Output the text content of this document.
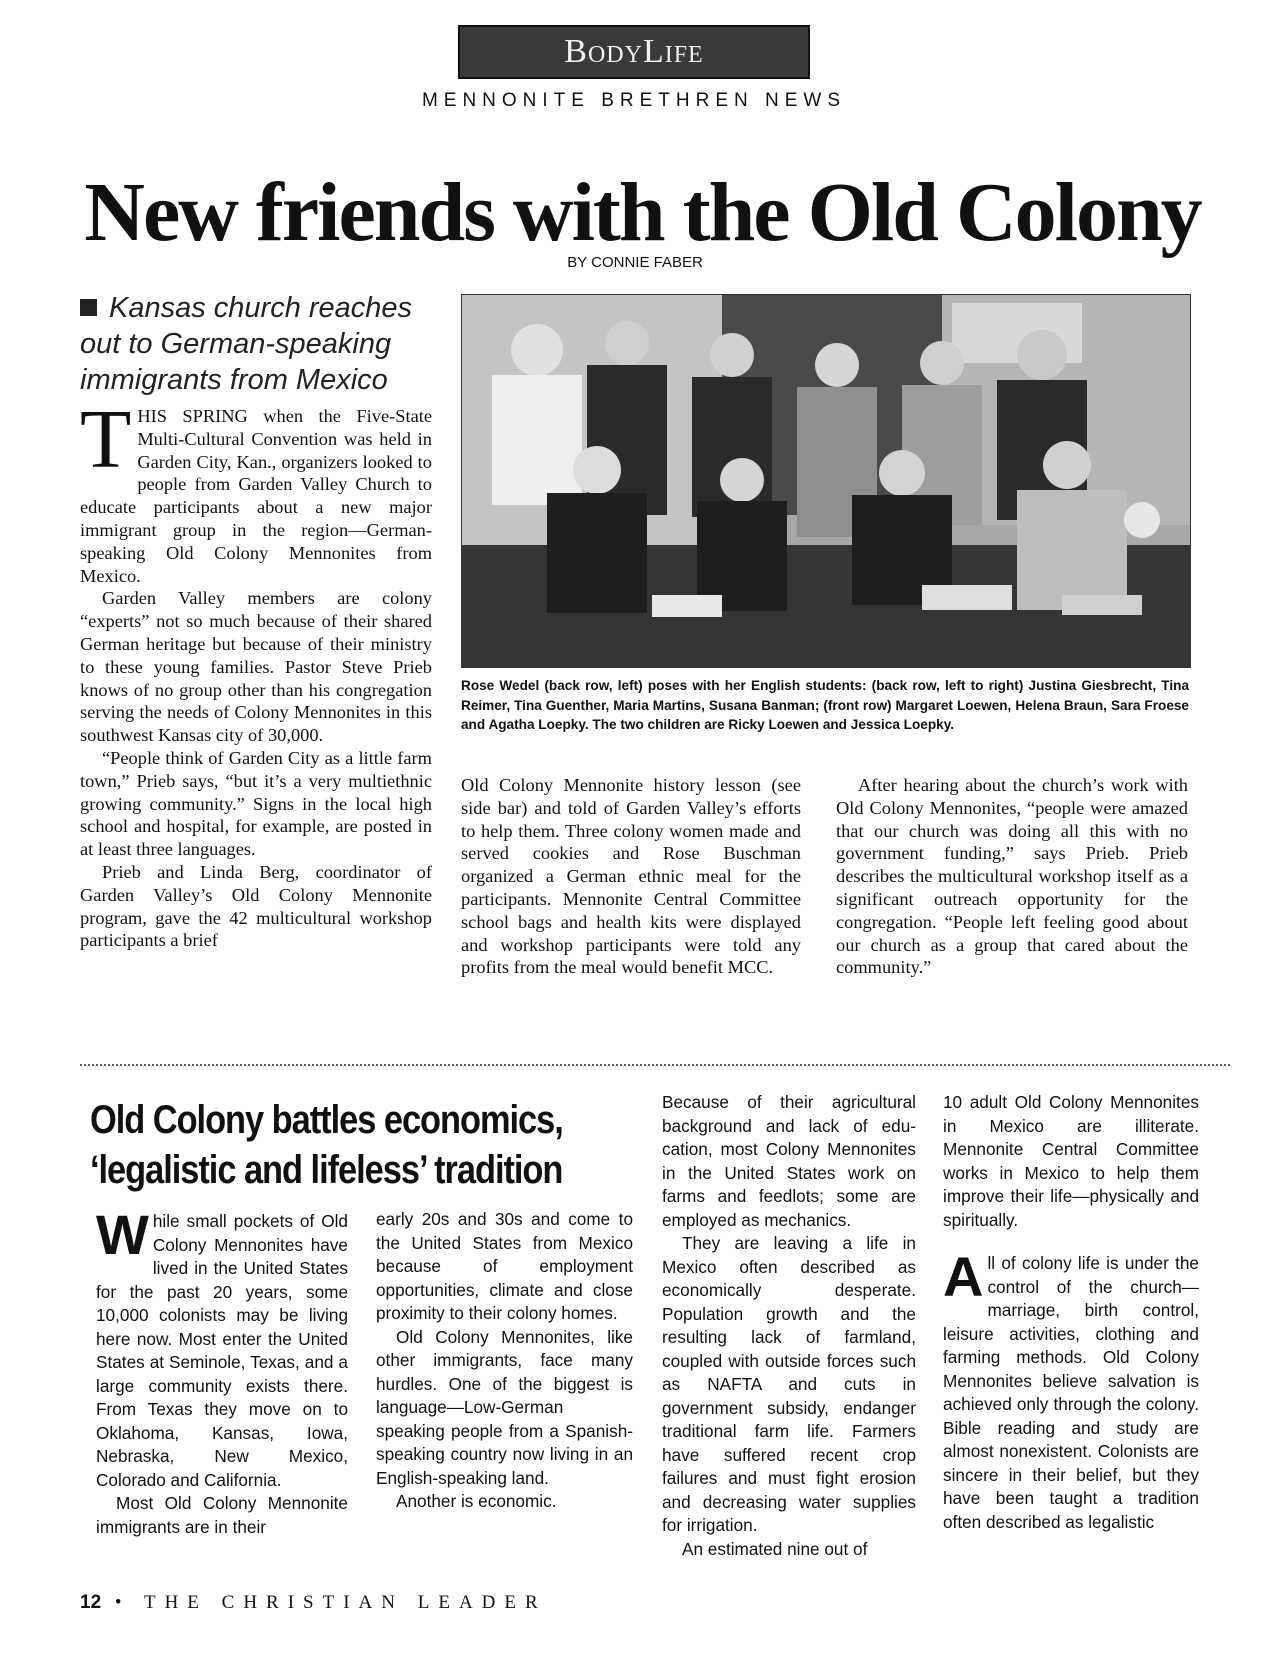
BodyLife
MENNONITE BRETHREN NEWS
New friends with the Old Colony
BY CONNIE FABER
Kansas church reaches out to German-speaking immigrants from Mexico

THIS SPRING when the Five-State Multi-Cultural Convention was held in Garden City, Kan., organizers looked to people from Garden Valley Church to educate participants about a new major immigrant group in the region—German-speaking Old Colony Mennonites from Mexico.

Garden Valley members are colony “experts” not so much because of their shared German heritage but because of their ministry to these young families. Pastor Steve Prieb knows of no group other than his congregation serving the needs of Colony Mennonites in this southwest Kansas city of 30,000.

“People think of Garden City as a little farm town,” Prieb says, “but it’s a very multiethnic growing community.” Signs in the local high school and hospital, for example, are posted in at least three languages.

Prieb and Linda Berg, coordinator of Garden Valley’s Old Colony Mennonite program, gave the 42 multicultural workshop participants a brief

Rose Wedel (back row, left) poses with her English students: (back row, left to right) Justina Giesbrecht, Tina Reimer, Tina Guenther, Maria Martins, Susana Banman; (front row) Margaret Loewen, Helena Braun, Sara Froese and Agatha Loepky. The two children are Ricky Loewen and Jessica Loepky.

Old Colony Mennonite history lesson (see side bar) and told of Garden Valley’s efforts to help them. Three colony women made and served cookies and Rose Buschman organized a German ethnic meal for the participants. Mennonite Central Committee school bags and health kits were displayed and workshop participants were told any profits from the meal would benefit MCC.

After hearing about the church’s work with Old Colony Mennonites, “people were amazed that our church was doing all this with no government funding,” says Prieb. Prieb describes the multicultural workshop itself as a significant outreach opportunity for the congregation. “People left feeling good about our church as a group that cared about the community.”

Old Colony battles economics,
‘legalistic and lifeless’ tradition

While small pockets of Old Colony Mennonites have lived in the United States for the past 20 years, some 10,000 colonists may be living here now. Most enter the United States at Seminole, Texas, and a large community exists there. From Texas they move on to Oklahoma, Kansas, Iowa, Nebraska, New Mexico, Colorado and California.

Most Old Colony Mennonite immigrants are in their

early 20s and 30s and come to the United States from Mexico because of employment opportunities, climate and close proximity to their colony homes.

Old Colony Mennonites, like other immigrants, face many hurdles. One of the biggest is language—Low-German speaking people from a Spanish-speaking country now living in an English-speaking land.

Another is economic.

Because of their agricultural background and lack of education, most Colony Mennonites in the United States work on farms and feedlots; some are employed as mechanics.

They are leaving a life in Mexico often described as economically desperate. Population growth and the resulting lack of farmland, coupled with outside forces such as NAFTA and cuts in government subsidy, endanger traditional farm life. Farmers have suffered recent crop failures and must fight erosion and decreasing water supplies for irrigation.

An estimated nine out of

10 adult Old Colony Mennonites in Mexico are illiterate. Mennonite Central Committee works in Mexico to help them improve their life—physically and spiritually.

All of colony life is under the control of the church—marriage, birth control, leisure activities, clothing and farming methods. Old Colony Mennonites believe salvation is achieved only through the colony. Bible reading and study are almost nonexistent. Colonists are sincere in their belief, but they have been taught a tradition often described as legalistic

12 • THE CHRISTIAN LEADER
